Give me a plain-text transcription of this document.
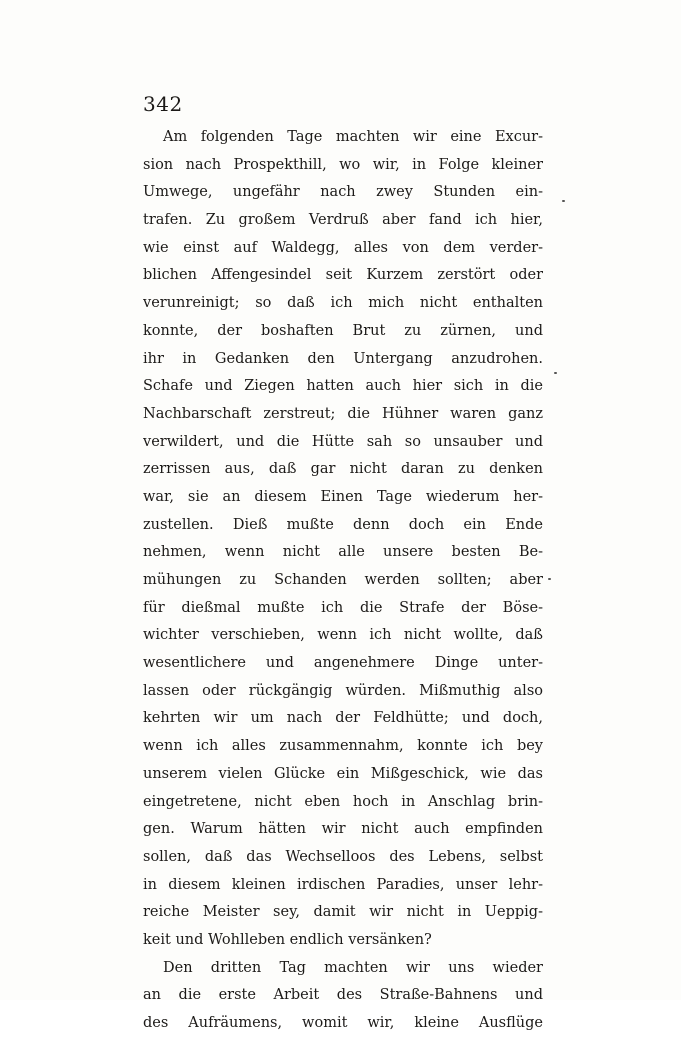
342
Am folgenden Tage machten wir eine Excur-
sion nach Prospekthill, wo wir, in Folge kleiner
Umwege, ungefähr nach zwey Stunden ein-
trafen. Zu großem Verdruß aber fand ich hier,
wie einst auf Waldegg, alles von dem verder-
blichen Affengesindel seit Kurzem zerstört oder
verunreinigt; so daß ich mich nicht enthalten
konnte, der boshaften Brut zu zürnen, und
ihr in Gedanken den Untergang anzudrohen.
Schafe und Ziegen hatten auch hier sich in die
Nachbarschaft zerstreut; die Hühner waren ganz
verwildert, und die Hütte sah so unsauber und
zerrissen aus, daß gar nicht daran zu denken
war, sie an diesem Einen Tage wiederum her-
zustellen. Dieß mußte denn doch ein Ende
nehmen, wenn nicht alle unsere besten Be-
mühungen zu Schanden werden sollten; aber
für dießmal mußte ich die Strafe der Böse-
wichter verschieben, wenn ich nicht wollte, daß
wesentlichere und angenehmere Dinge unter-
lassen oder rückgängig würden. Mißmuthig also
kehrten wir um nach der Feldhütte; und doch,
wenn ich alles zusammennahm, konnte ich bey
unserem vielen Glücke ein Mißgeschick, wie das
eingetretene, nicht eben hoch in Anschlag brin-
gen. Warum hätten wir nicht auch empfinden
sollen, daß das Wechselloos des Lebens, selbst
in diesem kleinen irdischen Paradies, unser lehr-
reiche Meister sey, damit wir nicht in Ueppig-
keit und Wohlleben endlich versänken?
Den dritten Tag machten wir uns wieder
an die erste Arbeit des Straße-Bahnens und
des Aufräumens, womit wir, kleine Ausflüge
